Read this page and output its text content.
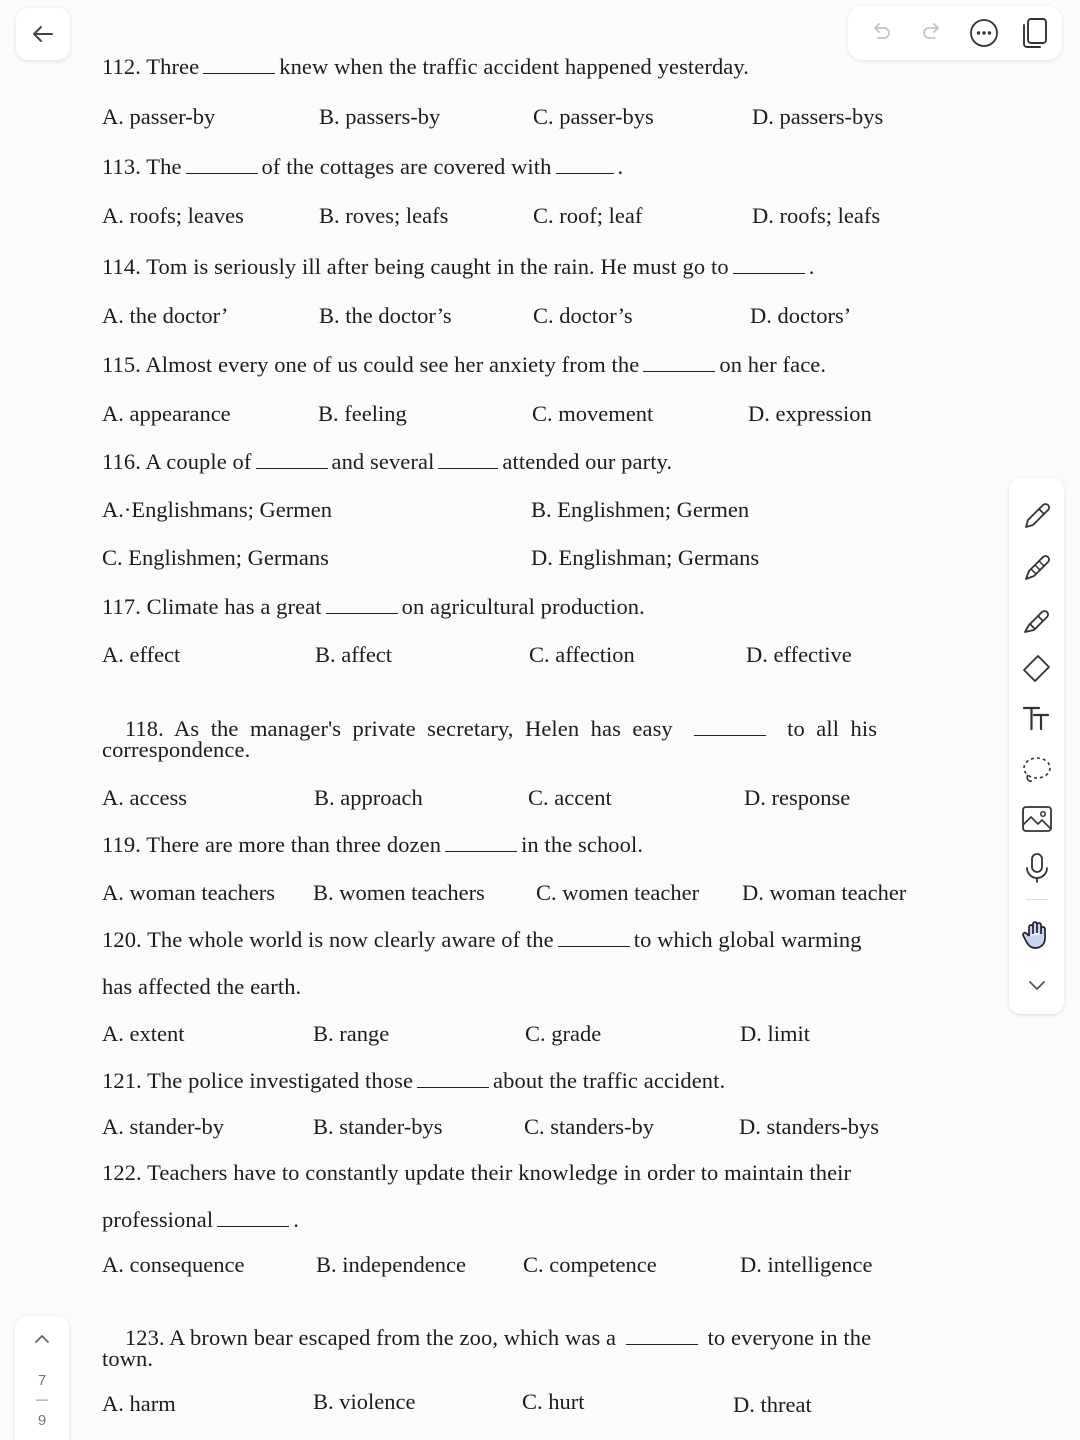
112. Three	knew when the traffic accident happened yesterday.
A. passer-by	B. passers-by	C. passer-bys	D. passers-bys
113. The	of the cottages are covered with	.
A. roofs; leaves	B. roves; leafs	C. roof; leaf	D. roofs; leafs
114. Tom is seriously ill after being caught in the rain. He must go to	.
A. the doctor’	B. the doctor’s	C. doctor’s	D. doctors’
115. Almost every one of us could see her anxiety from the	on her face.
A. appearance	B. feeling	C. movement	D. expression
116. A couple of	and several	attended our party.
A.·Englishmans; Germen	B. Englishmen; Germen
C. Englishmen; Germans	D. Englishman; Germans
117. Climate has a great	on agricultural production.
A. effect	B. affect	C. affection	D. effective

118.  As  the  manager's  private  secretary,  Helen  has  easy	to  all  his

correspondence.
A. access	B. approach	C. accent	D. response
119. There are more than three dozen	in the school.
A. woman teachers B. women teachers C. women teacher D. woman teacher
120. The whole world is now clearly aware of the	to which global warming
has affected the earth.
A. extent	B. range	C. grade	D. limit
121. The police investigated those	about the traffic accident.
A. stander-by	B. stander-bys	C. standers-by	D. standers-bys
122. Teachers have to constantly update their knowledge in order to maintain their
professional	.
A. consequence	B. independence	C. competence	D. intelligence

123. A brown bear escaped from the zoo, which was a	to everyone in the

town.
A. harm	B. violence	C. hurt	D. threat
7
—
9
